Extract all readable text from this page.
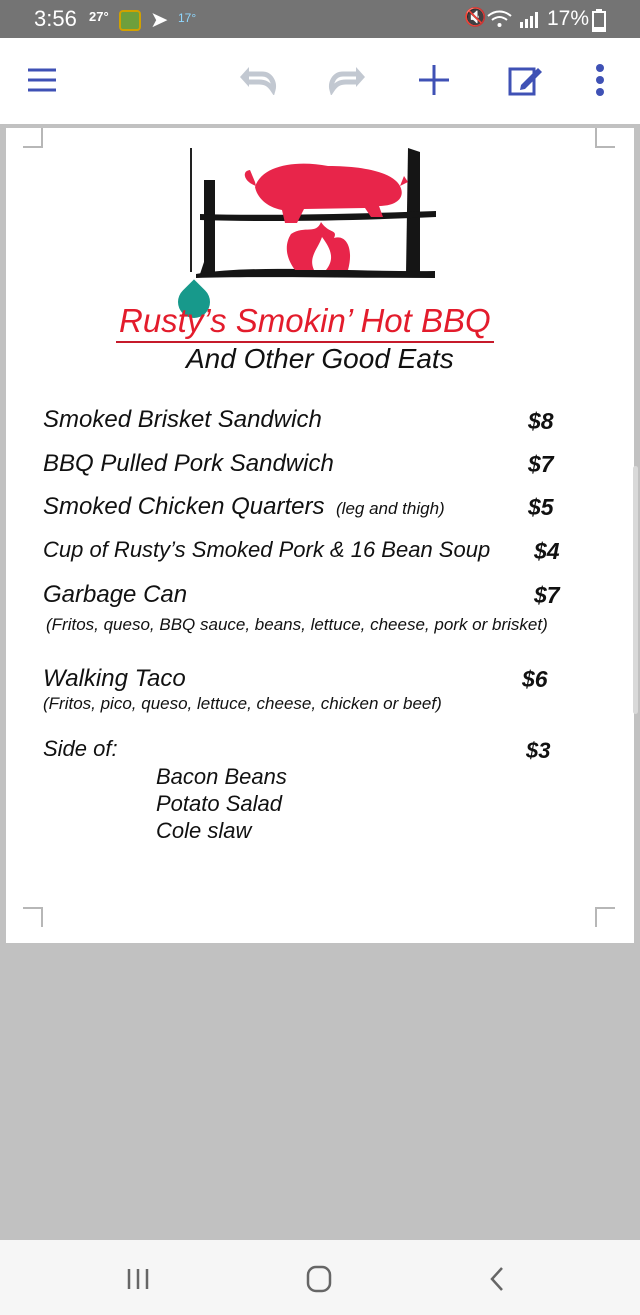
3:56 27° ➤ 17°	🔇	17%
Rusty’s Smokin’ Hot BBQ
And Other Good Eats
Smoked Brisket Sandwich	$8
BBQ Pulled Pork Sandwich	$7
Smoked Chicken Quarters (leg and thigh)	$5
Cup of Rusty’s Smoked Pork & 16 Bean Soup $4
Garbage Can	$7
(Fritos, queso, BBQ sauce, beans, lettuce, cheese, pork or brisket)
Walking Taco	$6
(Fritos, pico, queso, lettuce, cheese, chicken or beef)
Side of:	$3
Bacon Beans
Potato Salad
Cole slaw
